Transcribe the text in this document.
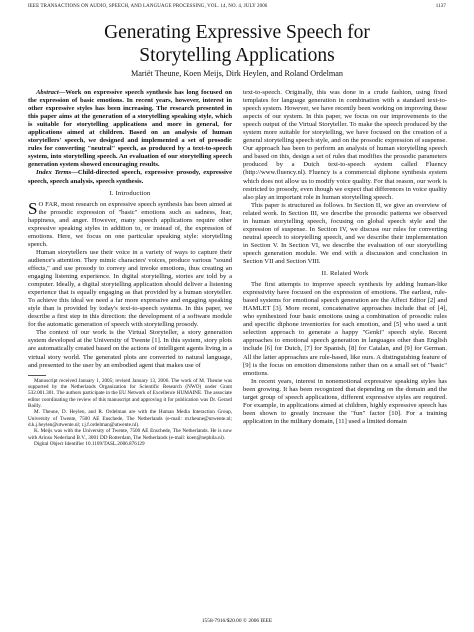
IEEE TRANSACTIONS ON AUDIO, SPEECH, AND LANGUAGE PROCESSING, VOL. 14, NO. 4, JULY 2006	1137
Generating Expressive Speech for
Storytelling Applications
Mariët Theune, Koen Meijs, Dirk Heylen, and Roland Ordelman

Abstract—Work on expressive speech synthesis has long focused on the expression of basic emotions. In recent years, however, interest in other expressive styles has been increasing. The research presented in this paper aims at the generation of a storytelling speaking style, which is suitable for storytelling applications and more in general, for applications aimed at children. Based on an analysis of human storytellers' speech, we designed and implemented a set of prosodic rules for converting "neutral" speech, as produced by a text-to-speech system, into storytelling speech. An evaluation of our storytelling speech generation system showed encouraging results.

Index Terms—Child-directed speech, expressive prosody, expressive speech, speech analysis, speech synthesis.

I. Introduction

S O FAR, most research on expressive speech synthesis has been aimed at the prosodic expression of "basic" emotions such as sadness, fear, happiness, and anger. However, many speech applications require other expressive speaking styles in addition to, or instead of, the expression of emotions. Here, we focus on one particular speaking style: storytelling speech.

Human storytellers use their voice in a variety of ways to capture their audience's attention. They mimic characters' voices, produce various "sound effects," and use prosody to convey and invoke emotions, thus creating an engaging listening experience. In digital storytelling, stories are told by a computer. Ideally, a digital storytelling application should deliver a listening experience that is equally engaging as that provided by a human storyteller. To achieve this ideal we need a far more expressive and engaging speaking style than is provided by today's text-to-speech systems. In this paper, we describe a first step in this direction: the development of a software module for the automatic generation of speech with storytelling prosody.

The context of our work is the Virtual Storyteller, a story generation system developed at the University of Twente [1]. In this system, story plots are automatically created based on the actions of intelligent agents living in a virtual story world. The generated plots are converted to natural language, and presented to the user by an embodied agent that makes use of

Manuscript received January 1, 2005; revised January 13, 2006. The work of M. Theune was supported by the Netherlands Organization for Scientific Research (NWO) under Grant 532.001.301. The authors participate in the EU Network of Excellence HUMAINE. The associate editor coordinating the review of this manuscript and approving it for publication was Dr. Gerard Bailly.

M. Theune, D. Heylen, and R. Ordelman are with the Human Media Interaction Group, University of Twente, 7500 AE Enschede, The Netherlands (e-mail: m.theune@utwente.nl; d.k.j.heylen@utwente.nl; r.j.f.ordelman@utwente.nl).

K. Meijs was with the University of Twente, 7500 AE Enschede, The Netherlands. He is now with Arinso Nederland B.V., 3001 DD Rotterdam, The Netherlands (e-mail: koen@nephila.nl).

Digital Object Identifier 10.1109/TASL.2006.876129

text-to-speech. Originally, this was done in a crude fashion, using fixed templates for language generation in combination with a standard text-to-speech system. However, we have recently been working on improving these aspects of our system. In this paper, we focus on our improvements to the speech output of the Virtual Storyteller. To make the speech produced by the system more suitable for storytelling, we have focused on the creation of a general storytelling speech style, and on the prosodic expression of suspense. Our approach has been to perform an analysis of human storytelling speech and based on this, design a set of rules that modifies the prosodic parameters produced by a Dutch text-to-speech system called Fluency (http://www.fluency.nl). Fluency is a commercial diphone synthesis system which does not allow us to modify voice quality. For that reason, our work is restricted to prosody, even though we expect that differences in voice quality also play an important role in human storytelling speech.

This paper is structured as follows. In Section II, we give an overview of related work. In Section III, we describe the prosodic patterns we observed in human storytelling speech, focusing on global speech style and the expression of suspense. In Section IV, we discuss our rules for converting neutral speech to storytelling speech, and we describe their implementation in Section V. In Section VI, we describe the evaluation of our storytelling speech generation module. We end with a discussion and conclusion in Section VII and Section VIII.

II. Related Work

The first attempts to improve speech synthesis by adding human-like expressivity have focused on the expression of emotions. The earliest, rule-based systems for emotional speech generation are the Affect Editor [2] and HAMLET [3]. More recent, concatenative approaches include that of [4], who synthesized four basic emotions using a combination of prosodic rules and specific diphone inventories for each emotion, and [5] who used a unit selection approach to generate a happy "Genki" speech style. Recent approaches to emotional speech generation in languages other than English include [6] for Dutch, [7] for Spanish, [8] for Catalan, and [9] for German. All the latter approaches are rule-based, like ours. A distinguishing feature of [9] is the focus on emotion dimensions rather than on a small set of "basic" emotions.

In recent years, interest in nonemotional expressive speaking styles has been growing. It has been recognized that depending on the domain and the target group of speech applications, different expressive styles are required. For example, in applications aimed at children, highly expressive speech has been shown to greatly increase the "fun" factor [10]. For a training application in the military domain, [11] used a limited domain

1558-7916/$20.00 © 2006 IEEE
